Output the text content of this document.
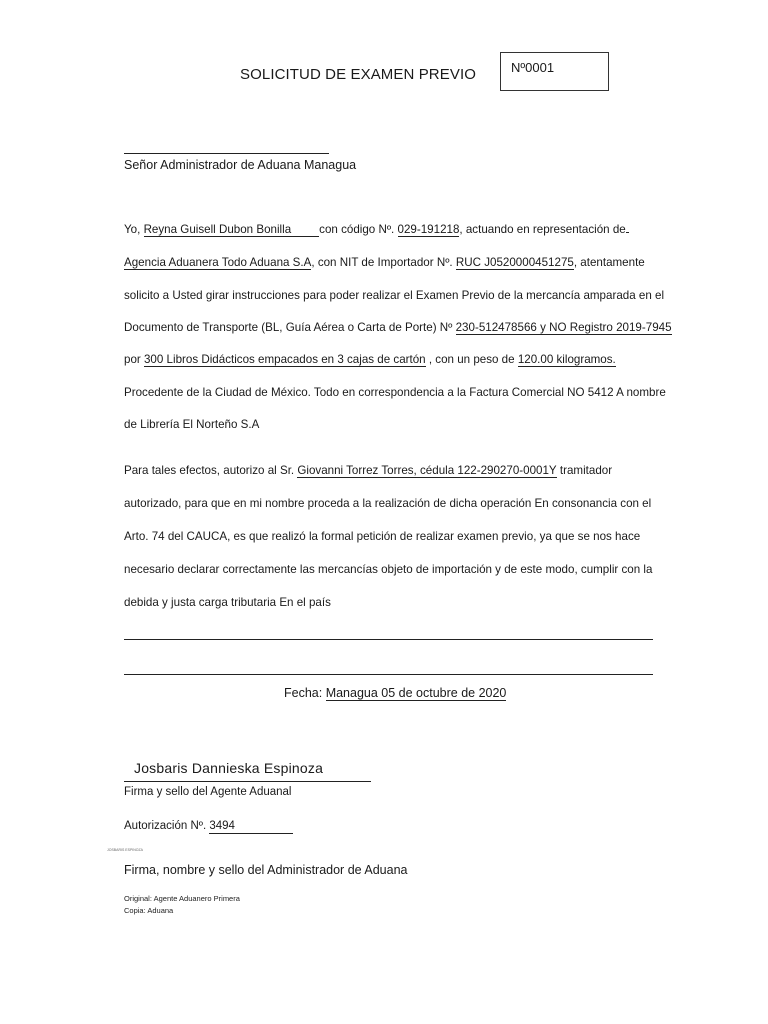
SOLICITUD DE EXAMEN PREVIO	Nº0001
Señor Administrador de Aduana Managua
Yo, Reyna Guisell Dubon Bonilla con código Nº. 029-191218, actuando en representación de
Agencia Aduanera Todo Aduana S.A, con NIT de Importador Nº. RUC J0520000451275, atentamente
solicito a Usted girar instrucciones para poder realizar el Examen Previo de la mercancía amparada en el
Documento de Transporte (BL, Guía Aérea o Carta de Porte) Nº 230-512478566 y NO Registro 2019-7945
por 300 Libros Didácticos empacados en 3 cajas de cartón , con un peso de 120.00 kilogramos.
Procedente de la Ciudad de México. Todo en correspondencia a la Factura Comercial NO 5412 A nombre
de Librería El Norteño S.A
Para tales efectos, autorizo al Sr. Giovanni Torrez Torres, cédula 122-290270-0001Y tramitador
autorizado, para que en mi nombre proceda a la realización de dicha operación En consonancia con el
Arto. 74 del CAUCA, es que realizó la formal petición de realizar examen previo, ya que se nos hace
necesario declarar correctamente las mercancías objeto de importación y de este modo, cumplir con la
debida y justa carga tributaria En el país
Fecha: Managua 05 de octubre de 2020
Josbaris Dannieska Espinoza
Firma y sello del Agente Aduanal
Autorización Nº. 3494
JOSBARIS ESPINOZA
Firma, nombre y sello del Administrador de Aduana
Original: Agente Aduanero Primera
Copia: Aduana
